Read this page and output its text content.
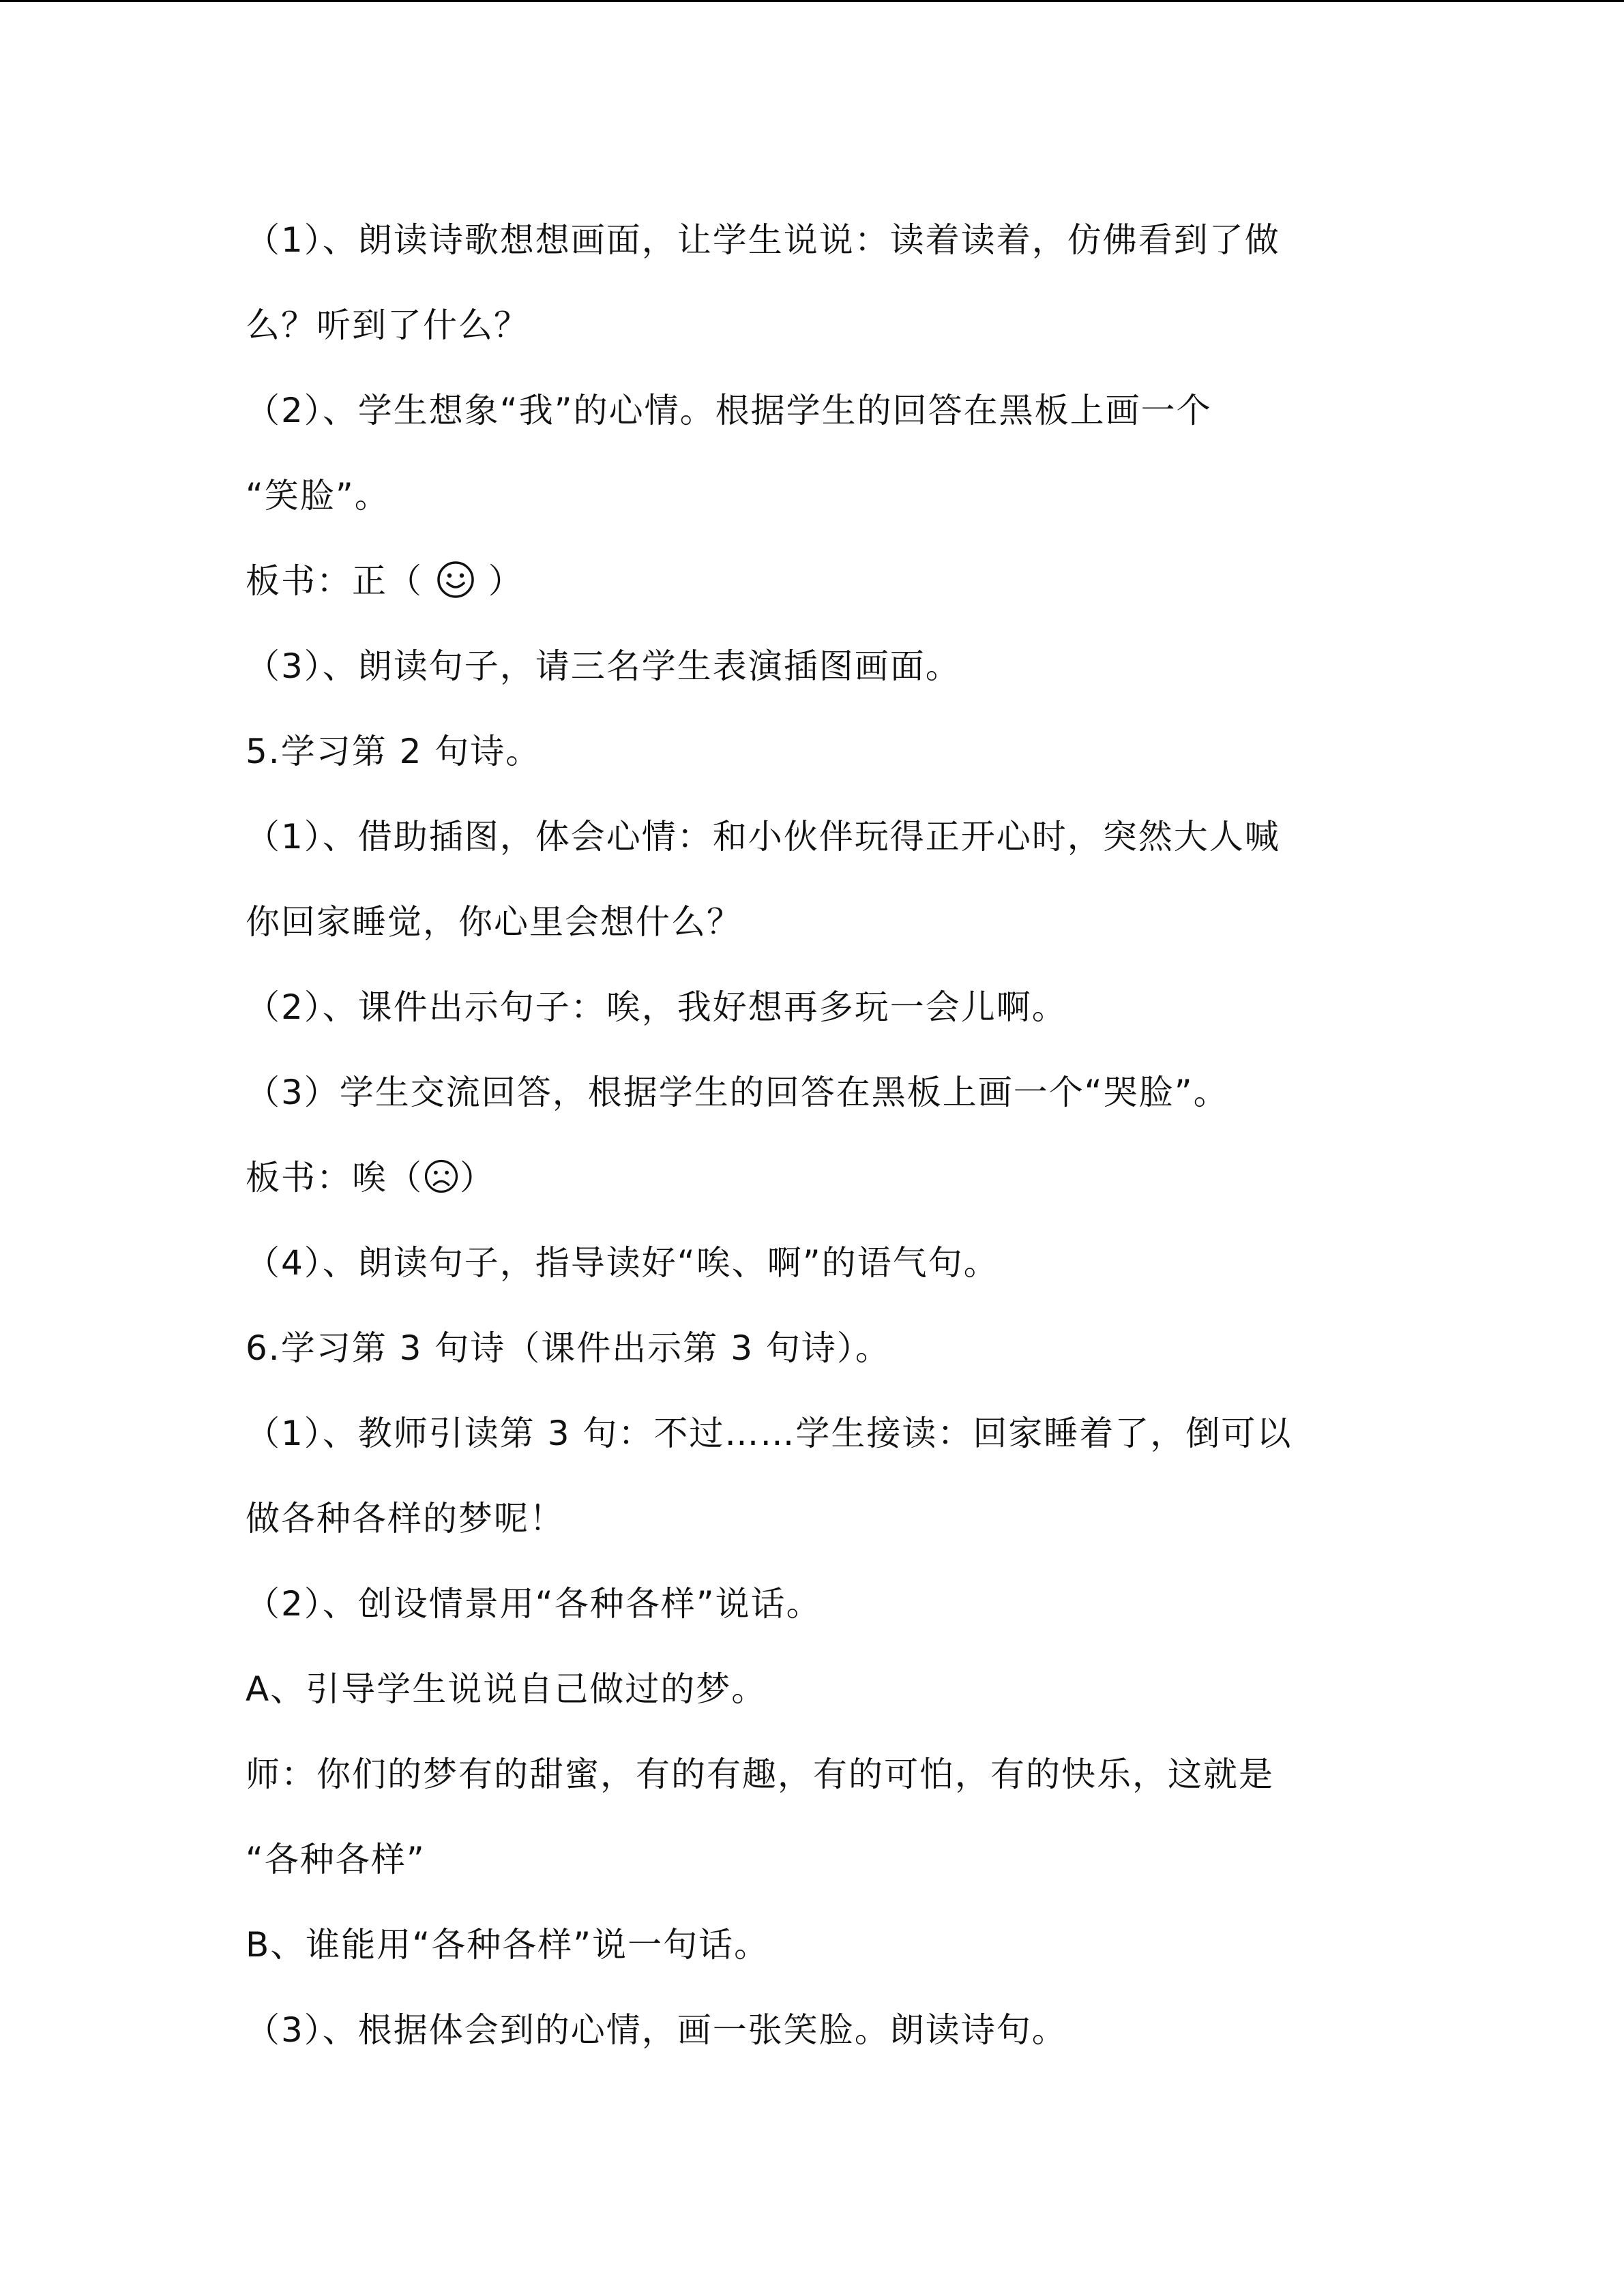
（1）、朗读诗歌想想画面，让学生说说：读着读着，仿佛看到了做
么？听到了什么？
（2）、学生想象“我”的心情。根据学生的回答在黑板上画一个
“笑脸”。
板书：正（
）
（3）、朗读句子，请三名学生表演插图画面。
5.学习第 2 句诗。
（1）、借助插图，体会心情：和小伙伴玩得正开心时，突然大人喊
你回家睡觉，你心里会想什么？
（2）、课件出示句子：唉，我好想再多玩一会儿啊。
（3）学生交流回答，根据学生的回答在黑板上画一个“哭脸”。
板书：唉（ ）
（4）、朗读句子，指导读好“唉、啊”的语气句。
6.学习第 3 句诗（课件出示第 3 句诗）。
（1）、教师引读第 3 句：不过……学生接读：回家睡着了，倒可以
做各种各样的梦呢！
（2）、创设情景用“各种各样”说话。
A、引导学生说说自己做过的梦。
师：你们的梦有的甜蜜，有的有趣，有的可怕，有的快乐，这就是
“各种各样”
B、谁能用“各种各样”说一句话。
（3）、根据体会到的心情，画一张笑脸。朗读诗句。
